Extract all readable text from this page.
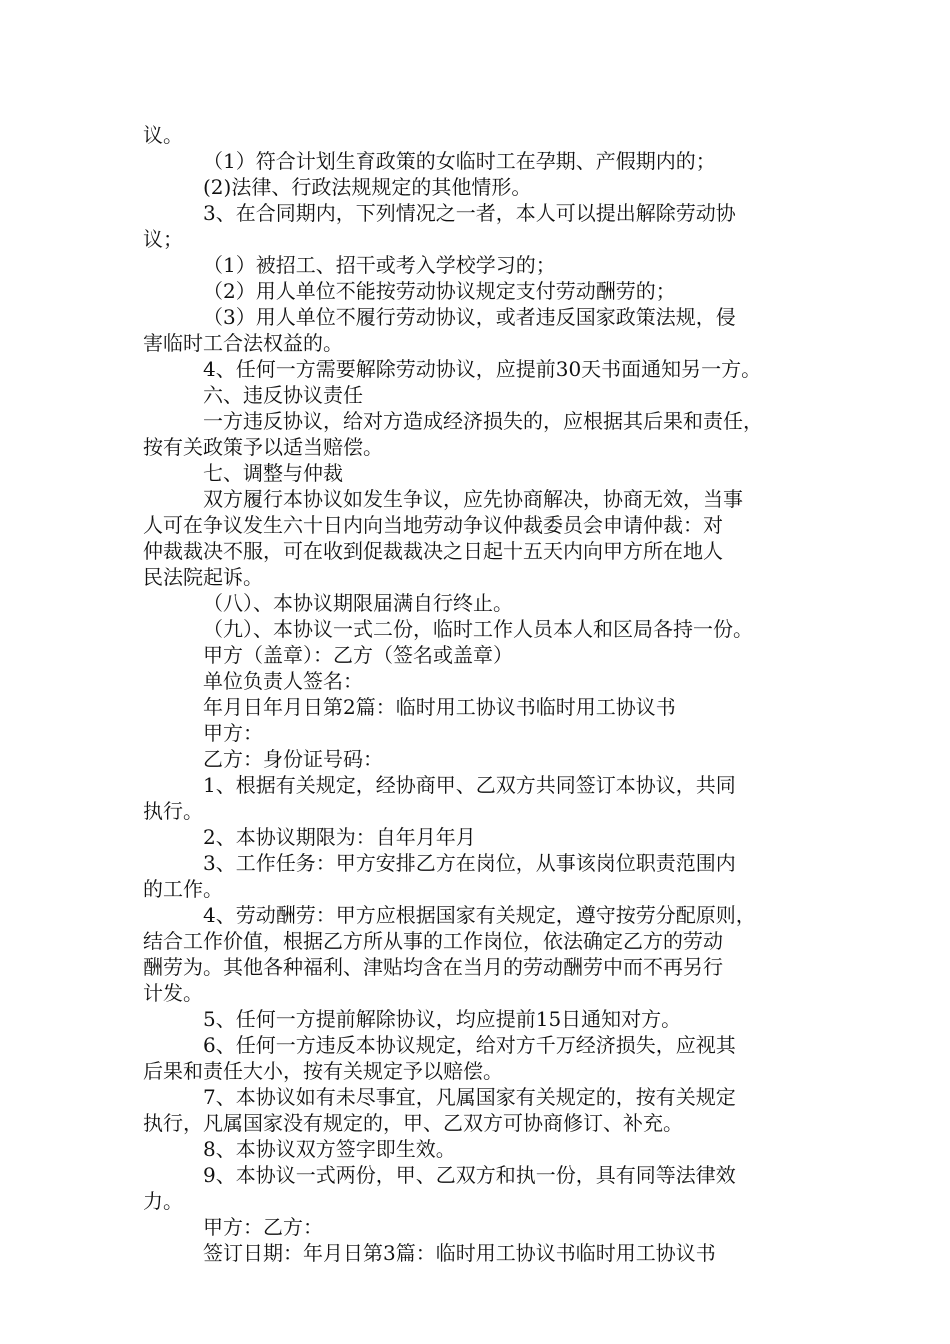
议。
（1）符合计划生育政策的女临时工在孕期、产假期内的；
(2)法律、行政法规规定的其他情形。
3、在合同期内，下列情况之一者，本人可以提出解除劳动协
议；
（1）被招工、招干或考入学校学习的；
（2）用人单位不能按劳动协议规定支付劳动酬劳的；
（3）用人单位不履行劳动协议，或者违反国家政策法规，侵
害临时工合法权益的。
4、任何一方需要解除劳动协议，应提前30天书面通知另一方。
六、违反协议责任
一方违反协议，给对方造成经济损失的，应根据其后果和责任，
按有关政策予以适当赔偿。
七、调整与仲裁
双方履行本协议如发生争议，应先协商解决，协商无效，当事
人可在争议发生六十日内向当地劳动争议仲裁委员会申请仲裁：对
仲裁裁决不服，可在收到促裁裁决之日起十五天内向甲方所在地人
民法院起诉。
（八）、本协议期限届满自行终止。
（九）、本协议一式二份，临时工作人员本人和区局各持一份。
甲方（盖章）：乙方（签名或盖章）
单位负责人签名：
年月日年月日第2篇：临时用工协议书临时用工协议书
甲方：
乙方：身份证号码：
1、根据有关规定，经协商甲、乙双方共同签订本协议，共同
执行。
2、本协议期限为：自年月年月
3、工作任务：甲方安排乙方在岗位，从事该岗位职责范围内
的工作。
4、劳动酬劳：甲方应根据国家有关规定，遵守按劳分配原则，
结合工作价值，根据乙方所从事的工作岗位，依法确定乙方的劳动
酬劳为。其他各种福利、津贴均含在当月的劳动酬劳中而不再另行
计发。
5、任何一方提前解除协议，均应提前15日通知对方。
6、任何一方违反本协议规定，给对方千万经济损失，应视其
后果和责任大小，按有关规定予以赔偿。
7、本协议如有未尽事宜，凡属国家有关规定的，按有关规定
执行，凡属国家没有规定的，甲、乙双方可协商修订、补充。
8、本协议双方签字即生效。
9、本协议一式两份，甲、乙双方和执一份，具有同等法律效
力。
甲方：乙方：
签订日期：年月日第3篇：临时用工协议书临时用工协议书
